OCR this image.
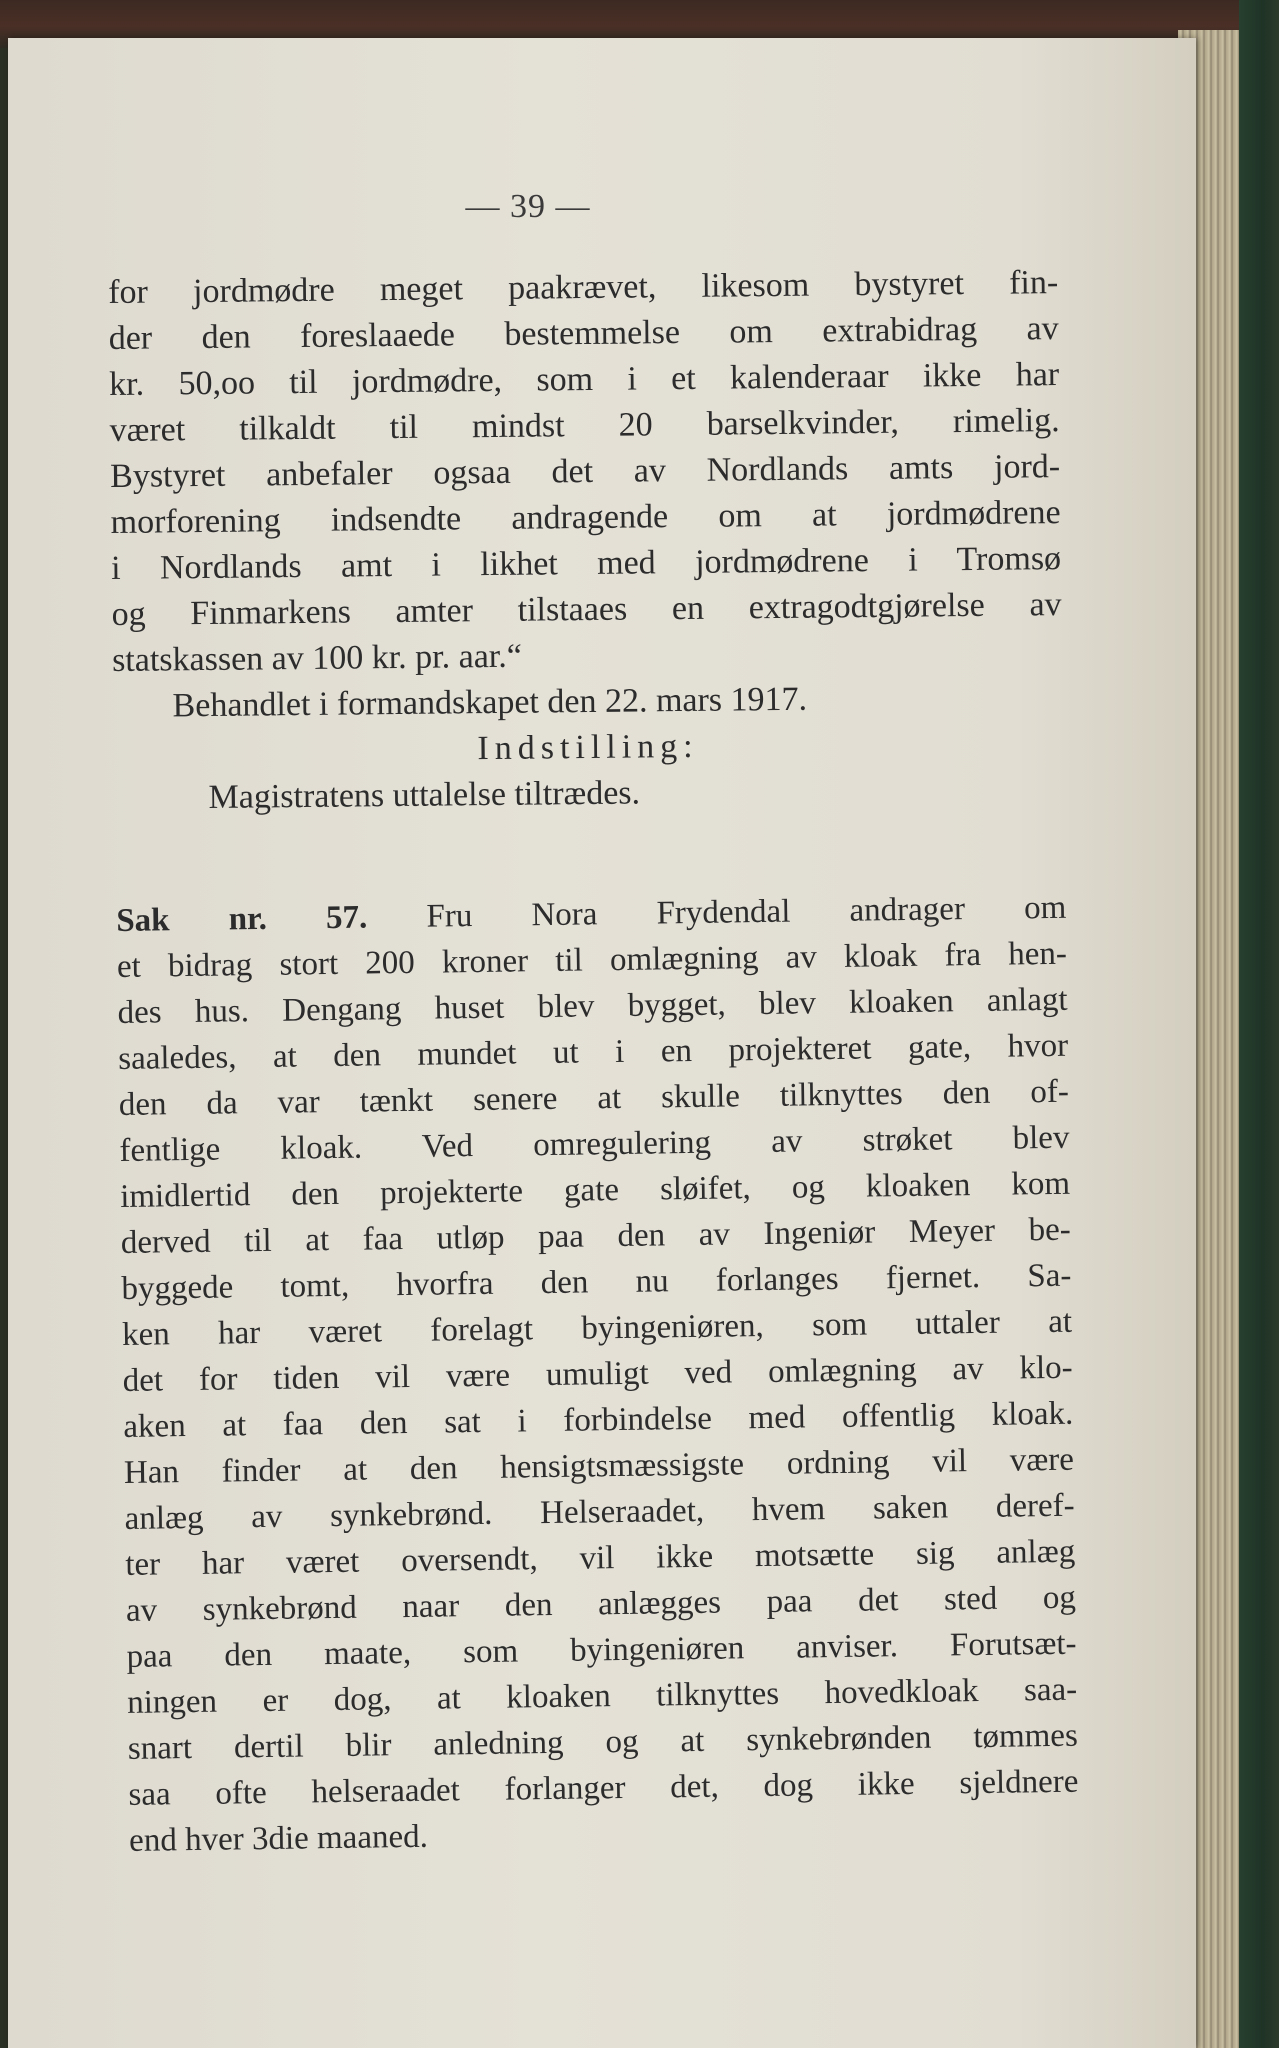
— 39 —
for jordmødre meget paakrævet, likesom bystyret fin-
der den foreslaaede bestemmelse om extrabidrag av
kr. 50,oo til jordmødre, som i et kalenderaar ikke har
været tilkaldt til mindst 20 barselkvinder, rimelig.
Bystyret anbefaler ogsaa det av Nordlands amts jord-
morforening indsendte andragende om at jordmødrene
i Nordlands amt i likhet med jordmødrene i Tromsø
og Finmarkens amter tilstaaes en extragodtgjørelse av
statskassen av 100 kr. pr. aar.“
Behandlet i formandskapet den 22. mars 1917.
Indstilling:
Magistratens uttalelse tiltrædes.
Sak nr. 57. Fru Nora Frydendal andrager om
et bidrag stort 200 kroner til omlægning av kloak fra hen-
des hus. Dengang huset blev bygget, blev kloaken anlagt
saaledes, at den mundet ut i en projekteret gate, hvor
den da var tænkt senere at skulle tilknyttes den of-
fentlige kloak. Ved omregulering av strøket blev
imidlertid den projekterte gate sløifet, og kloaken kom
derved til at faa utløp paa den av Ingeniør Meyer be-
byggede tomt, hvorfra den nu forlanges fjernet. Sa-
ken har været forelagt byingeniøren, som uttaler at
det for tiden vil være umuligt ved omlægning av klo-
aken at faa den sat i forbindelse med offentlig kloak.
Han finder at den hensigtsmæssigste ordning vil være
anlæg av synkebrønd. Helseraadet, hvem saken deref-
ter har været oversendt, vil ikke motsætte sig anlæg
av synkebrønd naar den anlægges paa det sted og
paa den maate, som byingeniøren anviser. Forutsæt-
ningen er dog, at kloaken tilknyttes hovedkloak saa-
snart dertil blir anledning og at synkebrønden tømmes
saa ofte helseraadet forlanger det, dog ikke sjeldnere
end hver 3die maaned.
